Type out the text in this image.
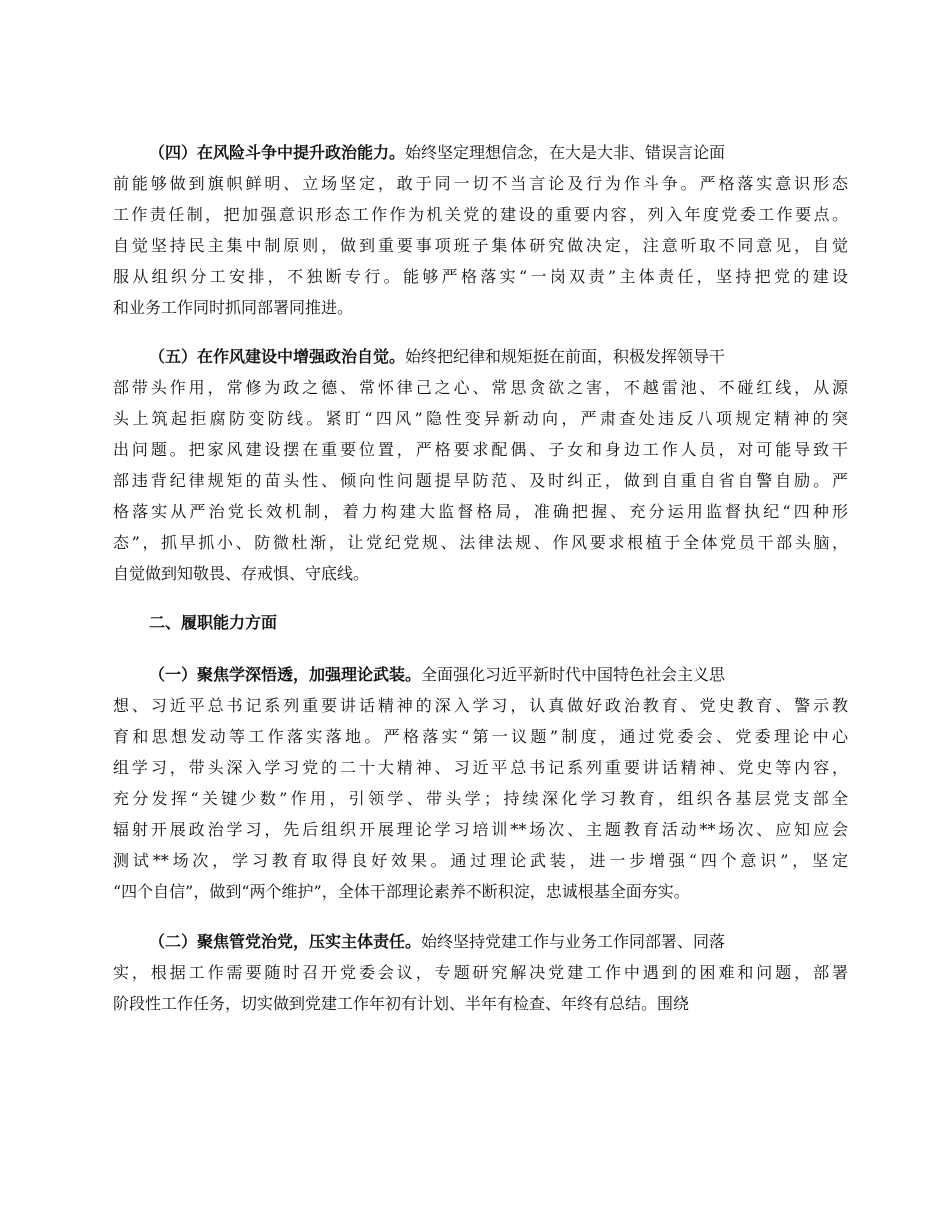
（四）在风险斗争中提升政治能力。始终坚定理想信念，在大是大非、错误言论面
前能够做到旗帜鲜明、立场坚定，敢于同一切不当言论及行为作斗争。严格落实意识形态
工作责任制，把加强意识形态工作作为机关党的建设的重要内容，列入年度党委工作要点。
自觉坚持民主集中制原则，做到重要事项班子集体研究做决定，注意听取不同意见，自觉
服从组织分工安排，不独断专行。能够严格落实“一岗双责”主体责任，坚持把党的建设
和业务工作同时抓同部署同推进。
（五）在作风建设中增强政治自觉。始终把纪律和规矩挺在前面，积极发挥领导干
部带头作用，常修为政之德、常怀律己之心、常思贪欲之害，不越雷池、不碰红线，从源
头上筑起拒腐防变防线。紧盯“四风”隐性变异新动向，严肃查处违反八项规定精神的突
出问题。把家风建设摆在重要位置，严格要求配偶、子女和身边工作人员，对可能导致干
部违背纪律规矩的苗头性、倾向性问题提早防范、及时纠正，做到自重自省自警自励。严
格落实从严治党长效机制，着力构建大监督格局，准确把握、充分运用监督执纪“四种形
态”，抓早抓小、防微杜渐，让党纪党规、法律法规、作风要求根植于全体党员干部头脑，
自觉做到知敬畏、存戒惧、守底线。
二、履职能力方面
（一）聚焦学深悟透，加强理论武装。全面强化习近平新时代中国特色社会主义思
想、习近平总书记系列重要讲话精神的深入学习，认真做好政治教育、党史教育、警示教
育和思想发动等工作落实落地。严格落实“第一议题”制度，通过党委会、党委理论中心
组学习，带头深入学习党的二十大精神、习近平总书记系列重要讲话精神、党史等内容，
充分发挥“关键少数”作用，引领学、带头学；持续深化学习教育，组织各基层党支部全
辐射开展政治学习，先后组织开展理论学习培训**场次、主题教育活动**场次、应知应会
测试**场次，学习教育取得良好效果。通过理论武装，进一步增强“四个意识”，坚定
“四个自信”，做到“两个维护”，全体干部理论素养不断积淀，忠诚根基全面夯实。
（二）聚焦管党治党，压实主体责任。始终坚持党建工作与业务工作同部署、同落
实，根据工作需要随时召开党委会议，专题研究解决党建工作中遇到的困难和问题，部署
阶段性工作任务，切实做到党建工作年初有计划、半年有检查、年终有总结。围绕
